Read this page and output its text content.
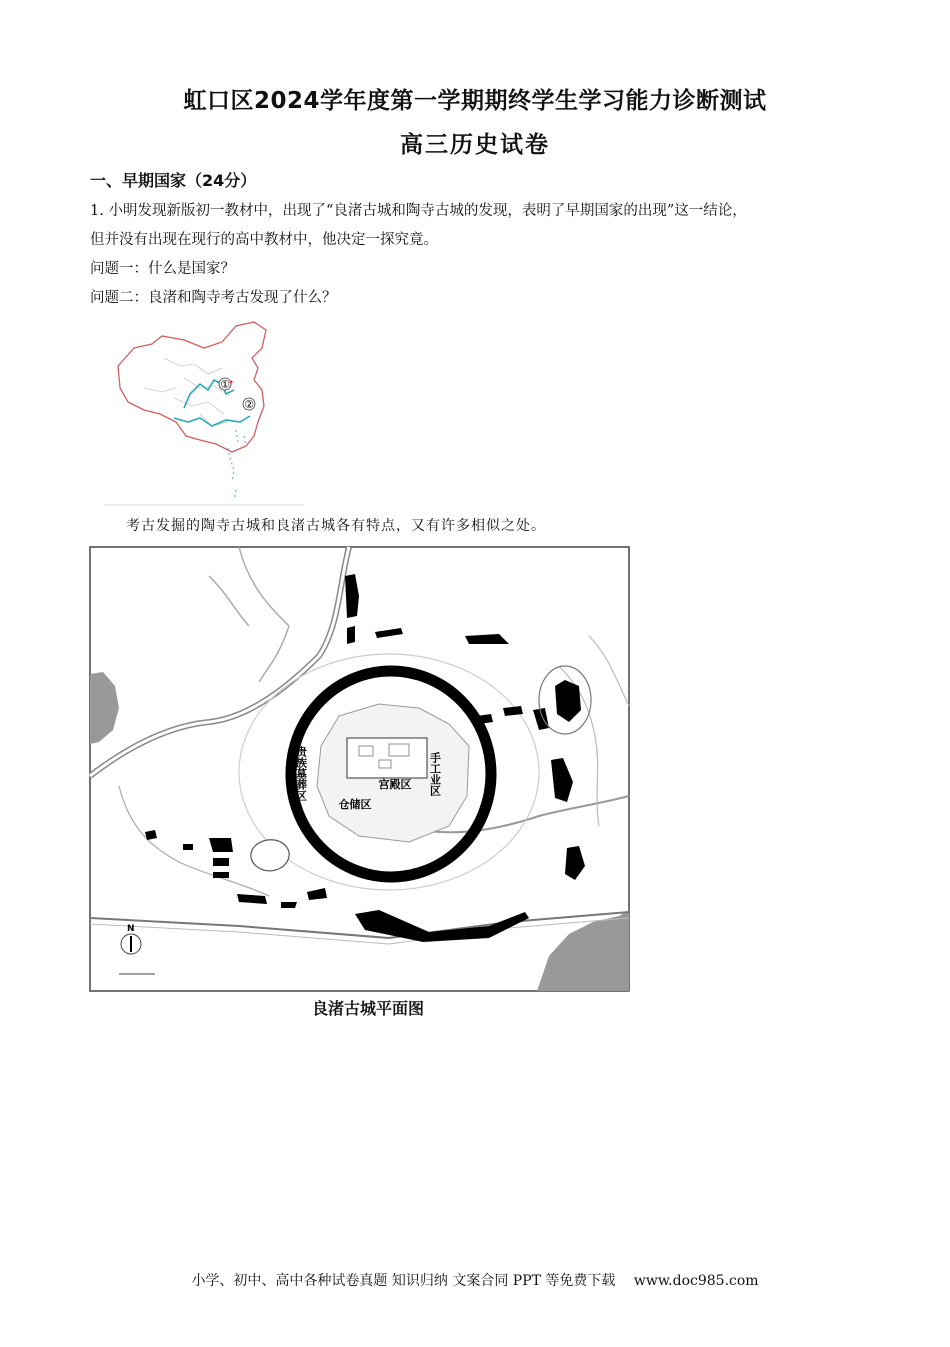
虹口区2024学年度第一学期期终学生学习能力诊断测试
高三历史试卷
一、早期国家（24分）
1. 小明发现新版初一教材中，出现了“良渚古城和陶寺古城的发现，表明了早期国家的出现”这一结论，
但并没有出现在现行的高中教材中，他决定一探究竟。
问题一：什么是国家？
问题二：良渚和陶寺考古发现了什么？
①
②
考古发掘的陶寺古城和良渚古城各有特点，又有许多相似之处。
宫殿区
仓储区
手工业区
贵族墓葬区
N
良渚古城平面图
小学、初中、高中各种试卷真题 知识归纳 文案合同 PPT 等免费下载 www.doc985.com
